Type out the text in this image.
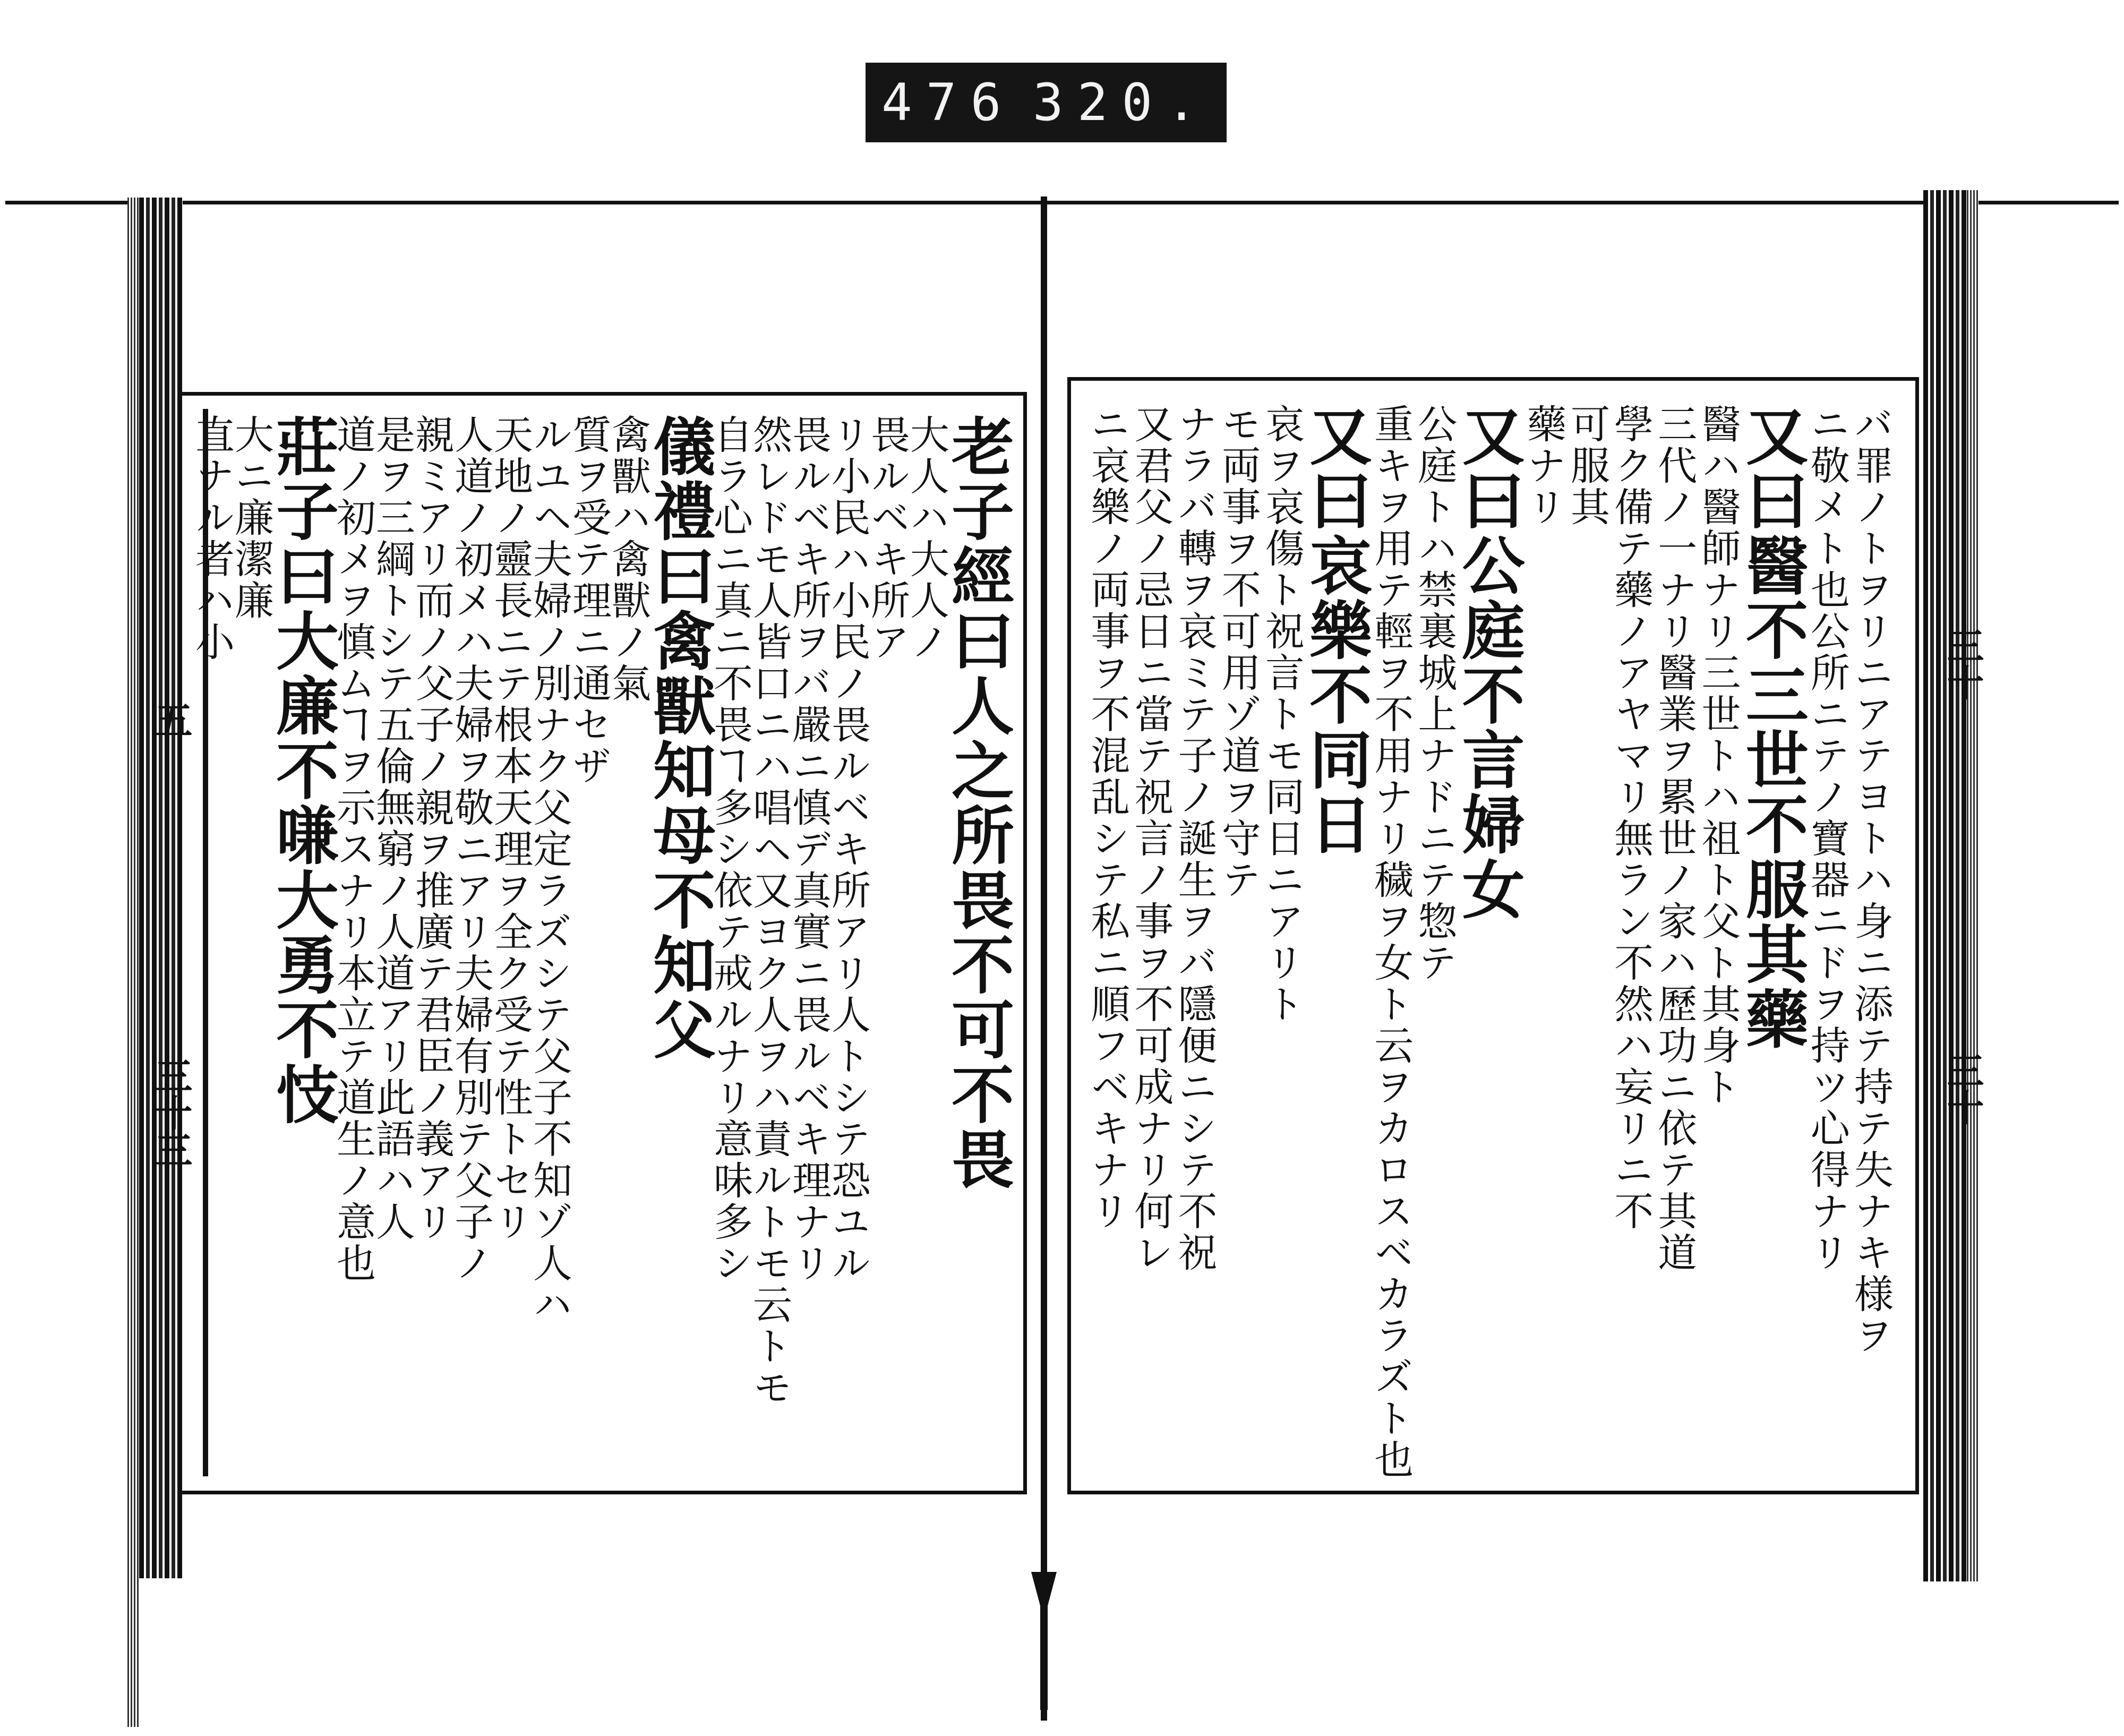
476 320.
五
三十三
三十
三十
バ罪ノトヲリニアテヨトハ身ニ添テ持テ失ナキ様ヲ
ニ敬メト也公所ニテノ寶器ニドヲ持ツ心得ナリ
又曰醫不三世不服其藥
醫ハ醫師ナリ三世トハ祖ト父ト其身ト
三代ノ一ナリ醫業ヲ累世ノ家ハ歷功ニ依テ其道
學ク備テ藥ノアヤマリ無ラン不然ハ妄リニ不
可服其
藥ナリ
又曰公庭不言婦女
公庭トハ禁裏城上ナドニテ惣テ
重キヲ用テ輕ヲ不用ナリ穢ヲ女ト云ヲカロスベカラズト也
又曰哀樂不同日
哀ヲ哀傷ト祝言トモ同日ニアリト
モ両事ヲ不可用ゾ道ヲ守テ
ナラバ轉ヲ哀ミテ子ノ誕生ヲバ隱便ニシテ不祝
又君父ノ忌日ニ當テ祝言ノ事ヲ不可成ナリ何レ
ニ哀樂ノ両事ヲ不混乱シテ私ニ順フベキナリ
老子經曰人之所畏不可不畏
大人ハ大人ノ
畏ルベキ所ア
リ小民ハ小民ノ畏ルベキ所アリ人トシテ恐ユル
畏ルベキ所ヲバ嚴ニ慎デ真實ニ畏ルベキ理ナリ
然レドモ人皆口ニハ唱ヘ又ヨク人ヲハ責ルトモ云トモ
自ラ心ニ真ニ不畏ヿ多シ依テ戒ルナリ意味多シ
儀禮曰禽獸知母不知父
禽獸ハ禽獸ノ氣
質ヲ受テ理ニ通セザ
ルユヘ夫婦ノ別ナク父定ラズシテ父子不知ゾ人ハ
天地ノ靈長ニテ根本天理ヲ全ク受テ性トセリ
人道ノ初メハ夫婦ヲ敬ニアリ夫婦有別テ父子ノ
親ミアリ而ノ父子ノ親ヲ推廣テ君臣ノ義アリ
是ヲ三綱トシテ五倫無窮ノ人道アリ此語ハ人
道ノ初メヲ慎ムヿヲ示スナリ本立テ道生ノ意也
莊子曰大廉不嗛大勇不忮
大ニ廉潔廉
直ナル者ハ小
